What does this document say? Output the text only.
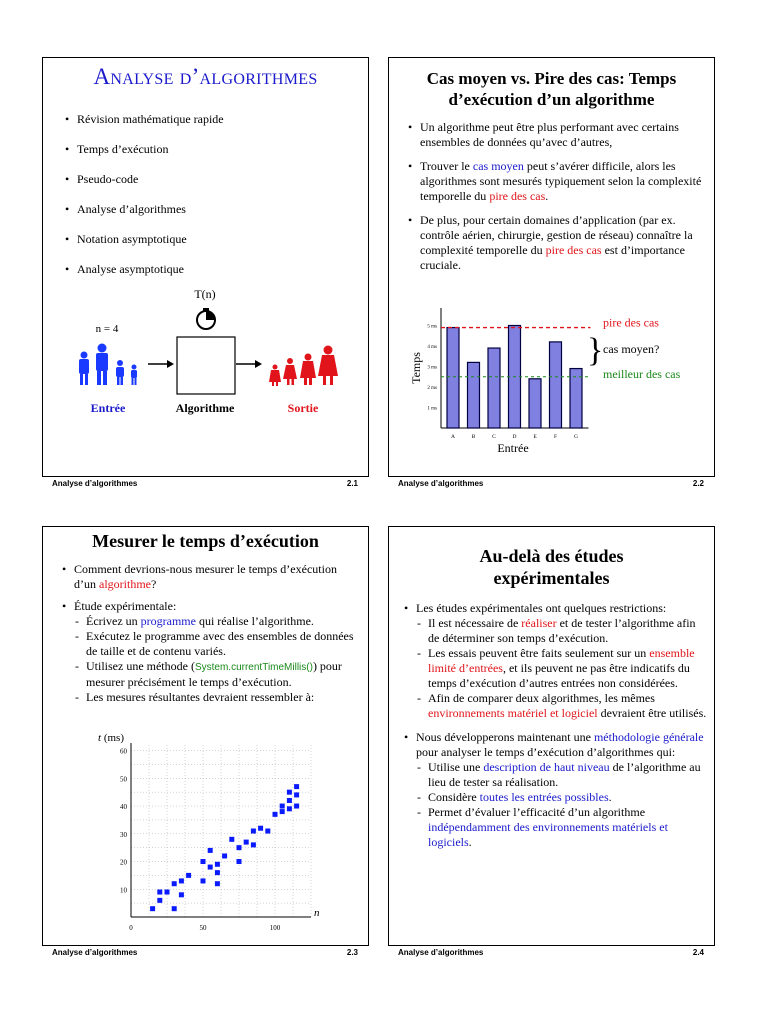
Analyse d’algorithmes
• Révision mathématique rapide
• Temps d’exécution
• Pseudo-code
• Analyse d’algorithmes
• Notation asymptotique
• Analyse asymptotique
T(n)
n = 4
Entrée	Algorithme	Sortie
Analyse d’algorithmes	2.1
Cas moyen vs. Pire des cas: Temps
d’exécution d’un algorithme
• Un algorithme peut être plus performant avec certains ensembles de données qu’avec d’autres,
• Trouver le cas moyen peut s’avérer difficile, alors les algorithmes sont mesurés typiquement selon la complexité temporelle du pire des cas.
• De plus, pour certain domaines d’application (par ex. contrôle aérien, chirurgie, gestion de réseau) connaître la complexité temporelle du pire des cas est d’importance cruciale.
1 ms
2 ms
3 ms
4 ms
5 ms
A	B	C	D	E	F	G
pire des cas
meilleur des cas
} cas moyen?
Temps
Entrée
Analyse d’algorithmes	2.2
Mesurer le temps d’exécution
• Comment devrions-nous mesurer le temps d’exécution d’un algorithme?
• Étude expérimentale:
- Écrivez un programme qui réalise l’algorithme.
- Exécutez le programme avec des ensembles de données de taille et de contenu variés.
- Utilisez une méthode (System.currentTimeMillis()) pour mesurer précisément le temps d’exécution.
- Les mesures résultantes devraient ressembler à:
10
20
30
40
50
60
0	50	100
t (ms)
n
Analyse d’algorithmes	2.3
Au-delà des études
expérimentales
• Les études expérimentales ont quelques restrictions:
- Il est nécessaire de réaliser et de tester l’algorithme afin de déterminer son temps d’exécution.
- Les essais peuvent être faits seulement sur un ensemble limité d’entrées, et ils peuvent ne pas être indicatifs du temps d’exécution d’autres entrées non considérées.
- Afin de comparer deux algorithmes, les mêmes environnements matériel et logiciel devraient être utilisés.
• Nous développerons maintenant une méthodologie générale pour analyser le temps d’exécution d’algorithmes qui:
- Utilise une description de haut niveau de l’algorithme au lieu de tester sa réalisation.
- Considère toutes les entrées possibles.
- Permet d’évaluer l’efficacité d’un algorithme indépendamment des environnements matériels et logiciels.
Analyse d’algorithmes	2.4
